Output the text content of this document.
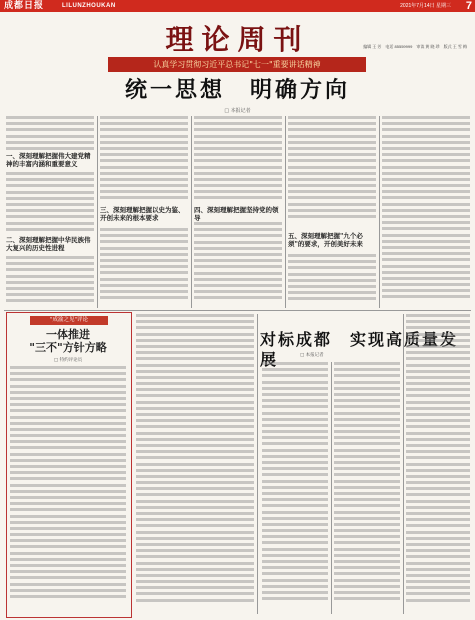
成都日报	LILUNZHOUKAN	2021年7月14日 星期三 7
理论周刊	编辑 王 芳　电话 85559999　审读 黄 晓 珍　版式 王 雪 梅
认真学习贯彻习近平总书记"七一"重要讲话精神
统一思想　明确方向
□ 本报记者
一、深刻理解把握伟大建党精神的丰富内涵和重要意义
二、深刻理解把握中华民族伟大复兴的历史性进程
三、深刻理解把握以史为鉴、开创未来的根本要求
四、深刻理解把握坚持党的领导
五、深刻理解把握"九个必须"的要求，开创美好未来
"成渝之见"评论
一体推进
"三不"方针方略
□ 特约评论员
对标成都　实现高质量发展	□ 本报记者
